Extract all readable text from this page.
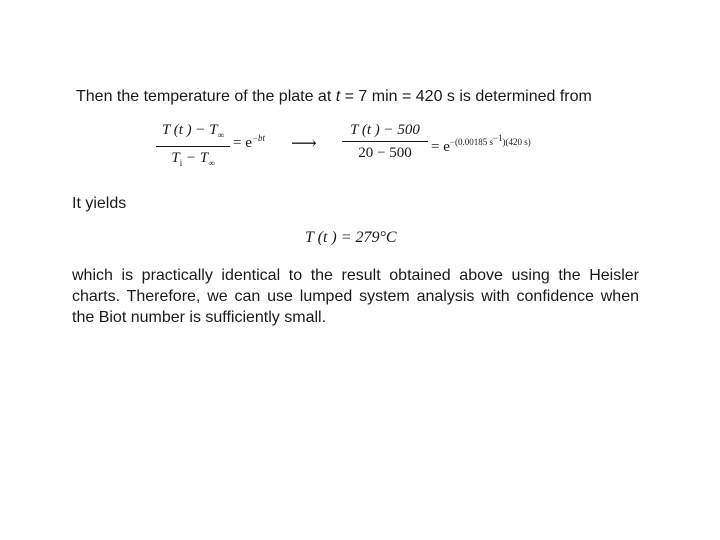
Then the temperature of the plate at t = 7 min = 420 s is determined from
T (t ) − $T_\infty$
$T_i - T_\infty$
= $e^{-bt}$ ⟶
T (t ) − 500
20 − 500	= $e^{-(0.00185 s^{-1})(420 s)}$
It yields
T (t ) = 279°C
which is practically identical to the result obtained above using the Heisler charts. Therefore, we can use lumped system analysis with confidence when the Biot number is sufficiently small.
